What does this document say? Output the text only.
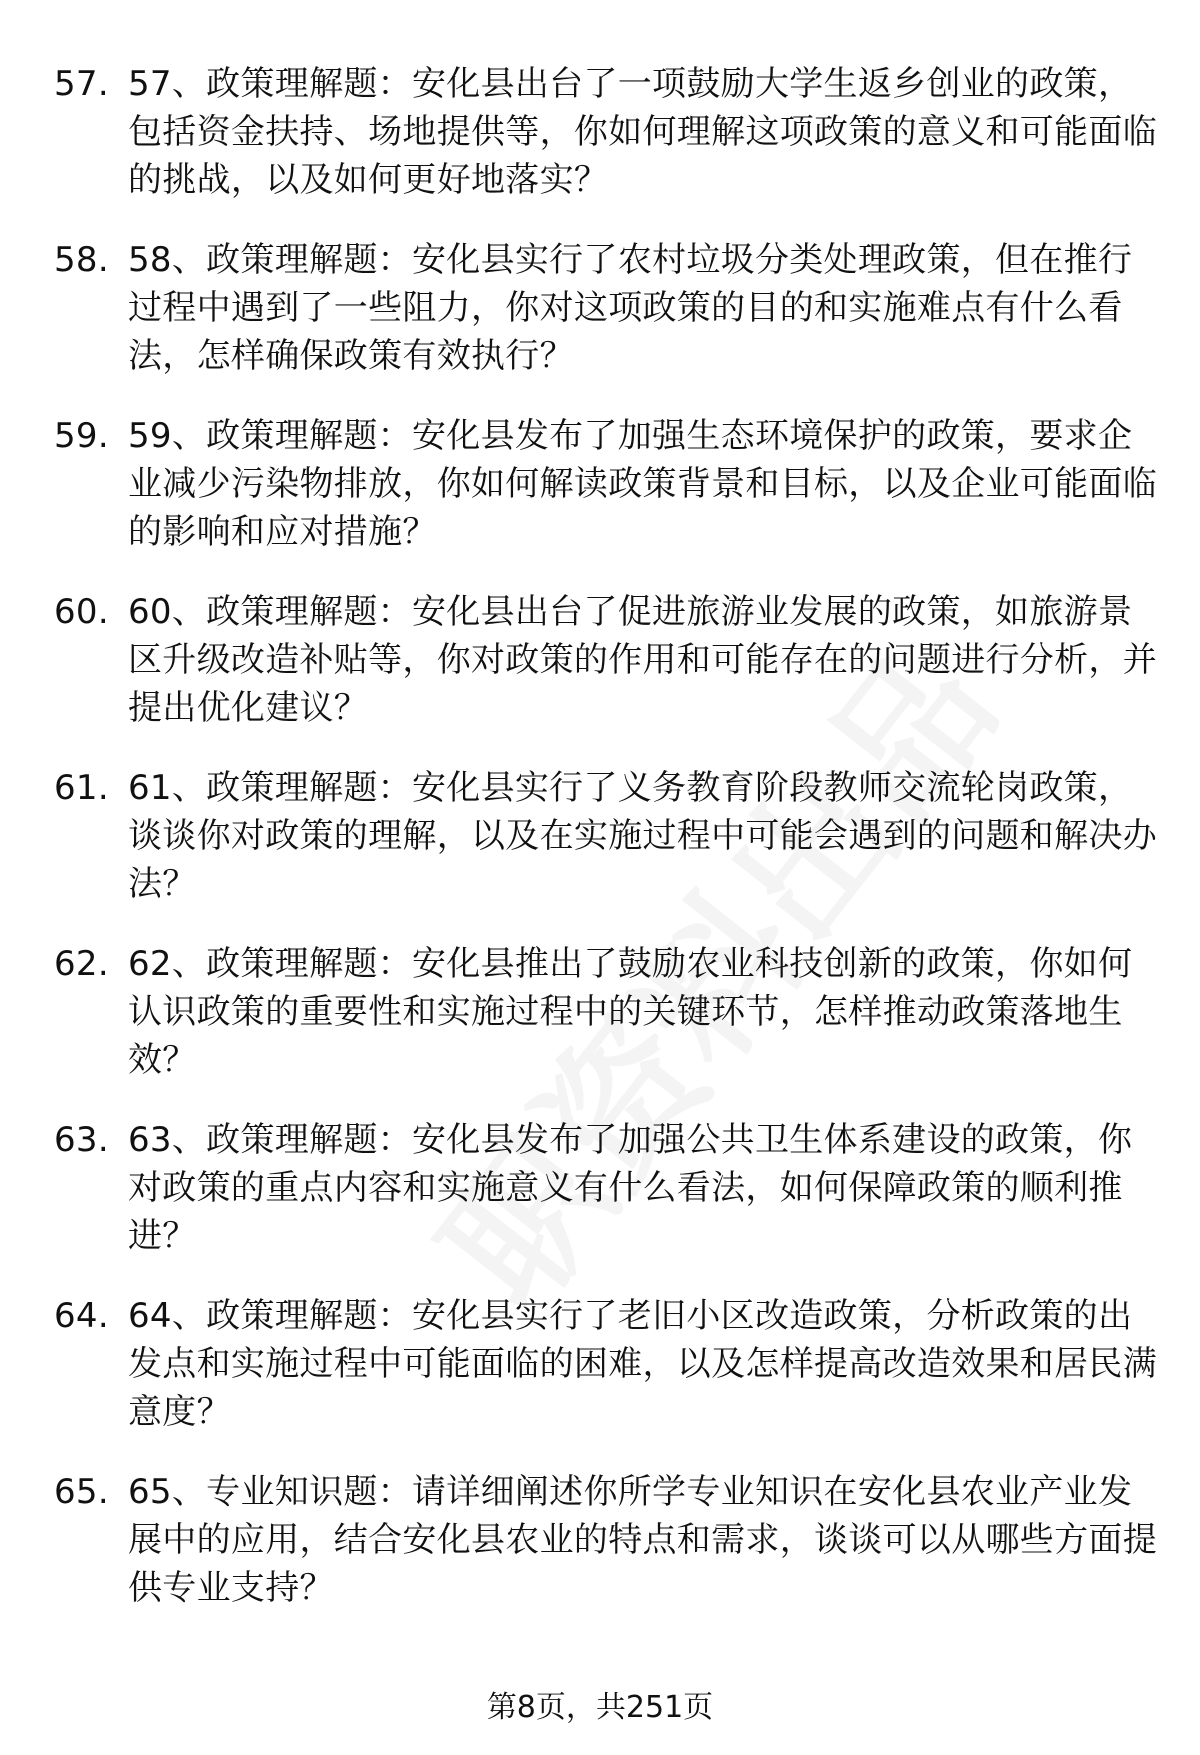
57. 57、政策理解题：安化县出台了一项鼓励大学生返乡创业的政策，包括资金扶持、场地提供等，你如何理解这项政策的意义和可能面临的挑战，以及如何更好地落实？
58. 58、政策理解题：安化县实行了农村垃圾分类处理政策，但在推行过程中遇到了一些阻力，你对这项政策的目的和实施难点有什么看法，怎样确保政策有效执行？
59. 59、政策理解题：安化县发布了加强生态环境保护的政策，要求企业减少污染物排放，你如何解读政策背景和目标，以及企业可能面临的影响和应对措施？
60. 60、政策理解题：安化县出台了促进旅游业发展的政策，如旅游景区升级改造补贴等，你对政策的作用和可能存在的问题进行分析，并提出优化建议？
61. 61、政策理解题：安化县实行了义务教育阶段教师交流轮岗政策，谈谈你对政策的理解，以及在实施过程中可能会遇到的问题和解决办法？
62. 62、政策理解题：安化县推出了鼓励农业科技创新的政策，你如何认识政策的重要性和实施过程中的关键环节，怎样推动政策落地生效？
63. 63、政策理解题：安化县发布了加强公共卫生体系建设的政策，你对政策的重点内容和实施意义有什么看法，如何保障政策的顺利推进？
64. 64、政策理解题：安化县实行了老旧小区改造政策，分析政策的出发点和实施过程中可能面临的困难，以及怎样提高改造效果和居民满意度？
65. 65、专业知识题：请详细阐述你所学专业知识在安化县农业产业发展中的应用，结合安化县农业的特点和需求，谈谈可以从哪些方面提供专业支持？
第8页，共251页
